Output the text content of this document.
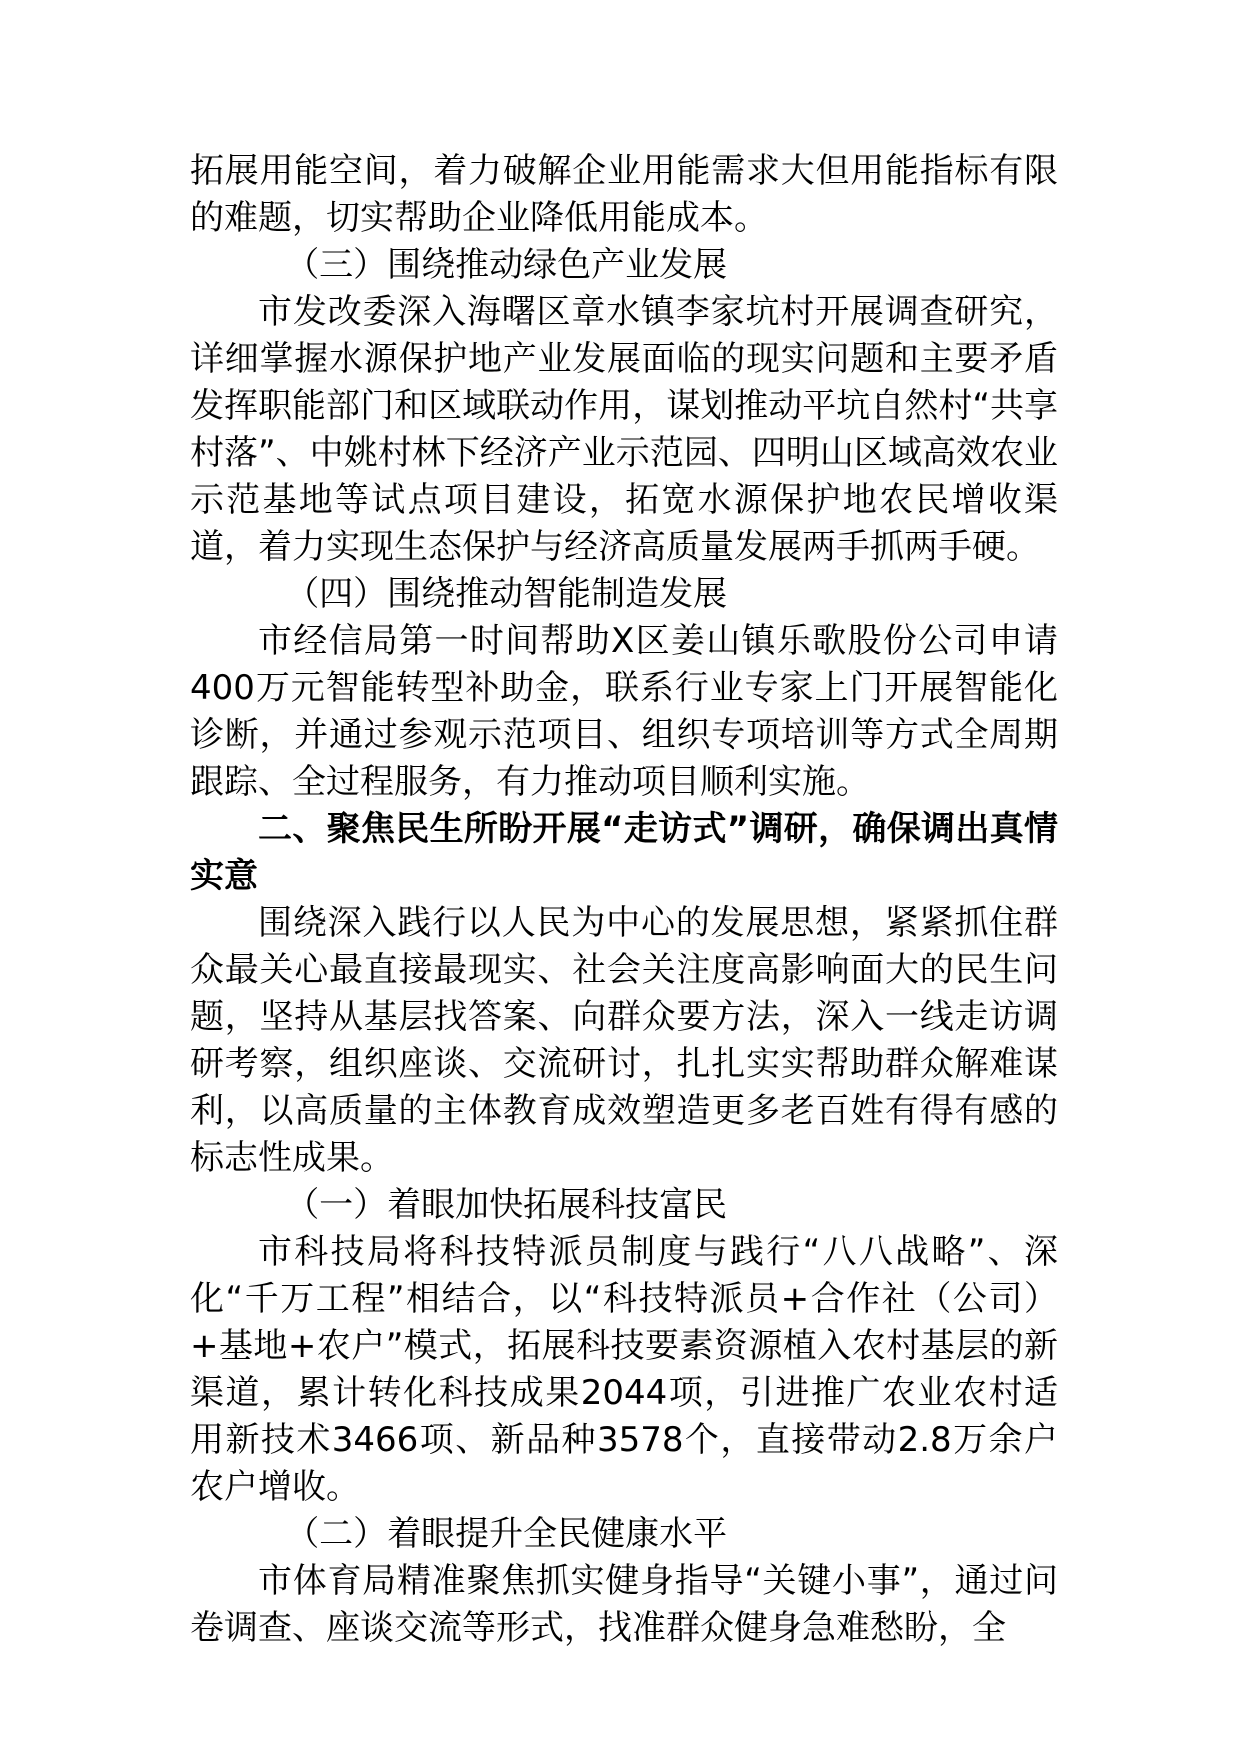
拓展用能空间，着力破解企业用能需求大但用能指标有限的难题，切实帮助企业降低用能成本。

（三）围绕推动绿色产业发展

市发改委深入海曙区章水镇李家坑村开展调查研究，详细掌握水源保护地产业发展面临的现实问题和主要矛盾发挥职能部门和区域联动作用，谋划推动平坑自然村“共享村落”、中姚村林下经济产业示范园、四明山区域高效农业示范基地等试点项目建设，拓宽水源保护地农民增收渠道，着力实现生态保护与经济高质量发展两手抓两手硬。

（四）围绕推动智能制造发展

市经信局第一时间帮助X区姜山镇乐歌股份公司申请400万元智能转型补助金，联系行业专家上门开展智能化诊断，并通过参观示范项目、组织专项培训等方式全周期跟踪、全过程服务，有力推动项目顺利实施。

二、聚焦民生所盼开展“走访式”调研，确保调出真情实意

围绕深入践行以人民为中心的发展思想，紧紧抓住群众最关心最直接最现实、社会关注度高影响面大的民生问题，坚持从基层找答案、向群众要方法，深入一线走访调研考察，组织座谈、交流研讨，扎扎实实帮助群众解难谋利，以高质量的主体教育成效塑造更多老百姓有得有感的标志性成果。

（一）着眼加快拓展科技富民

市科技局将科技特派员制度与践行“八八战略”、深化“千万工程”相结合，以“科技特派员+合作社（公司）+基地+农户”模式，拓展科技要素资源植入农村基层的新渠道，累计转化科技成果2044项，引进推广农业农村适用新技术3466项、新品种3578个，直接带动2.8万余户农户增收。

（二）着眼提升全民健康水平

市体育局精准聚焦抓实健身指导“关键小事”，通过问卷调查、座谈交流等形式，找准群众健身急难愁盼，全
